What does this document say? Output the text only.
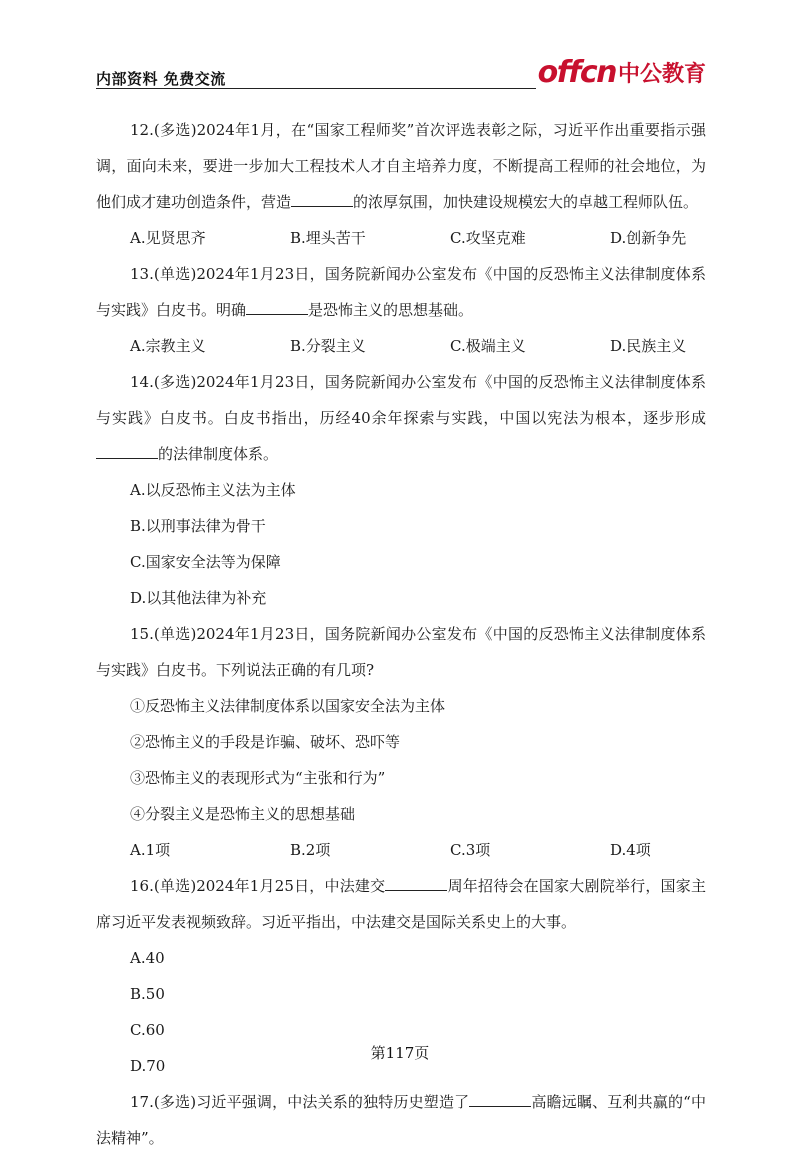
内部资料 免费交流	offcn 中公教育

12.(多选)2024年1月，在“国家工程师奖”首次评选表彰之际，习近平作出重要指示强调，面向未来，要进一步加大工程技术人才自主培养力度，不断提高工程师的社会地位，为他们成才建功创造条件，营造	的浓厚氛围，加快建设规模宏大的卓越工程师队伍。

A.见贤思齐	B.埋头苦干	C.攻坚克难	D.创新争先

13.(单选)2024年1月23日，国务院新闻办公室发布《中国的反恐怖主义法律制度体系与实践》白皮书。明确	是恐怖主义的思想基础。

A.宗教主义	B.分裂主义	C.极端主义	D.民族主义

14.(多选)2024年1月23日，国务院新闻办公室发布《中国的反恐怖主义法律制度体系与实践》白皮书。白皮书指出，历经40余年探索与实践，中国以宪法为根本，逐步形成的法律制度体系。

A.以反恐怖主义法为主体
B.以刑事法律为骨干
C.国家安全法等为保障
D.以其他法律为补充

15.(单选)2024年1月23日，国务院新闻办公室发布《中国的反恐怖主义法律制度体系与实践》白皮书。下列说法正确的有几项?

①反恐怖主义法律制度体系以国家安全法为主体

②恐怖主义的手段是诈骗、破坏、恐吓等

③恐怖主义的表现形式为“主张和行为”

④分裂主义是恐怖主义的思想基础

A.1项	B.2项	C.3项	D.4项

16.(单选)2024年1月25日，中法建交	周年招待会在国家大剧院举行，国家主席习近平发表视频致辞。习近平指出，中法建交是国际关系史上的大事。

A.40
B.50
C.60
D.70

17.(多选)习近平强调，中法关系的独特历史塑造了	高瞻远瞩、互利共赢的“中法精神”。

第117页
